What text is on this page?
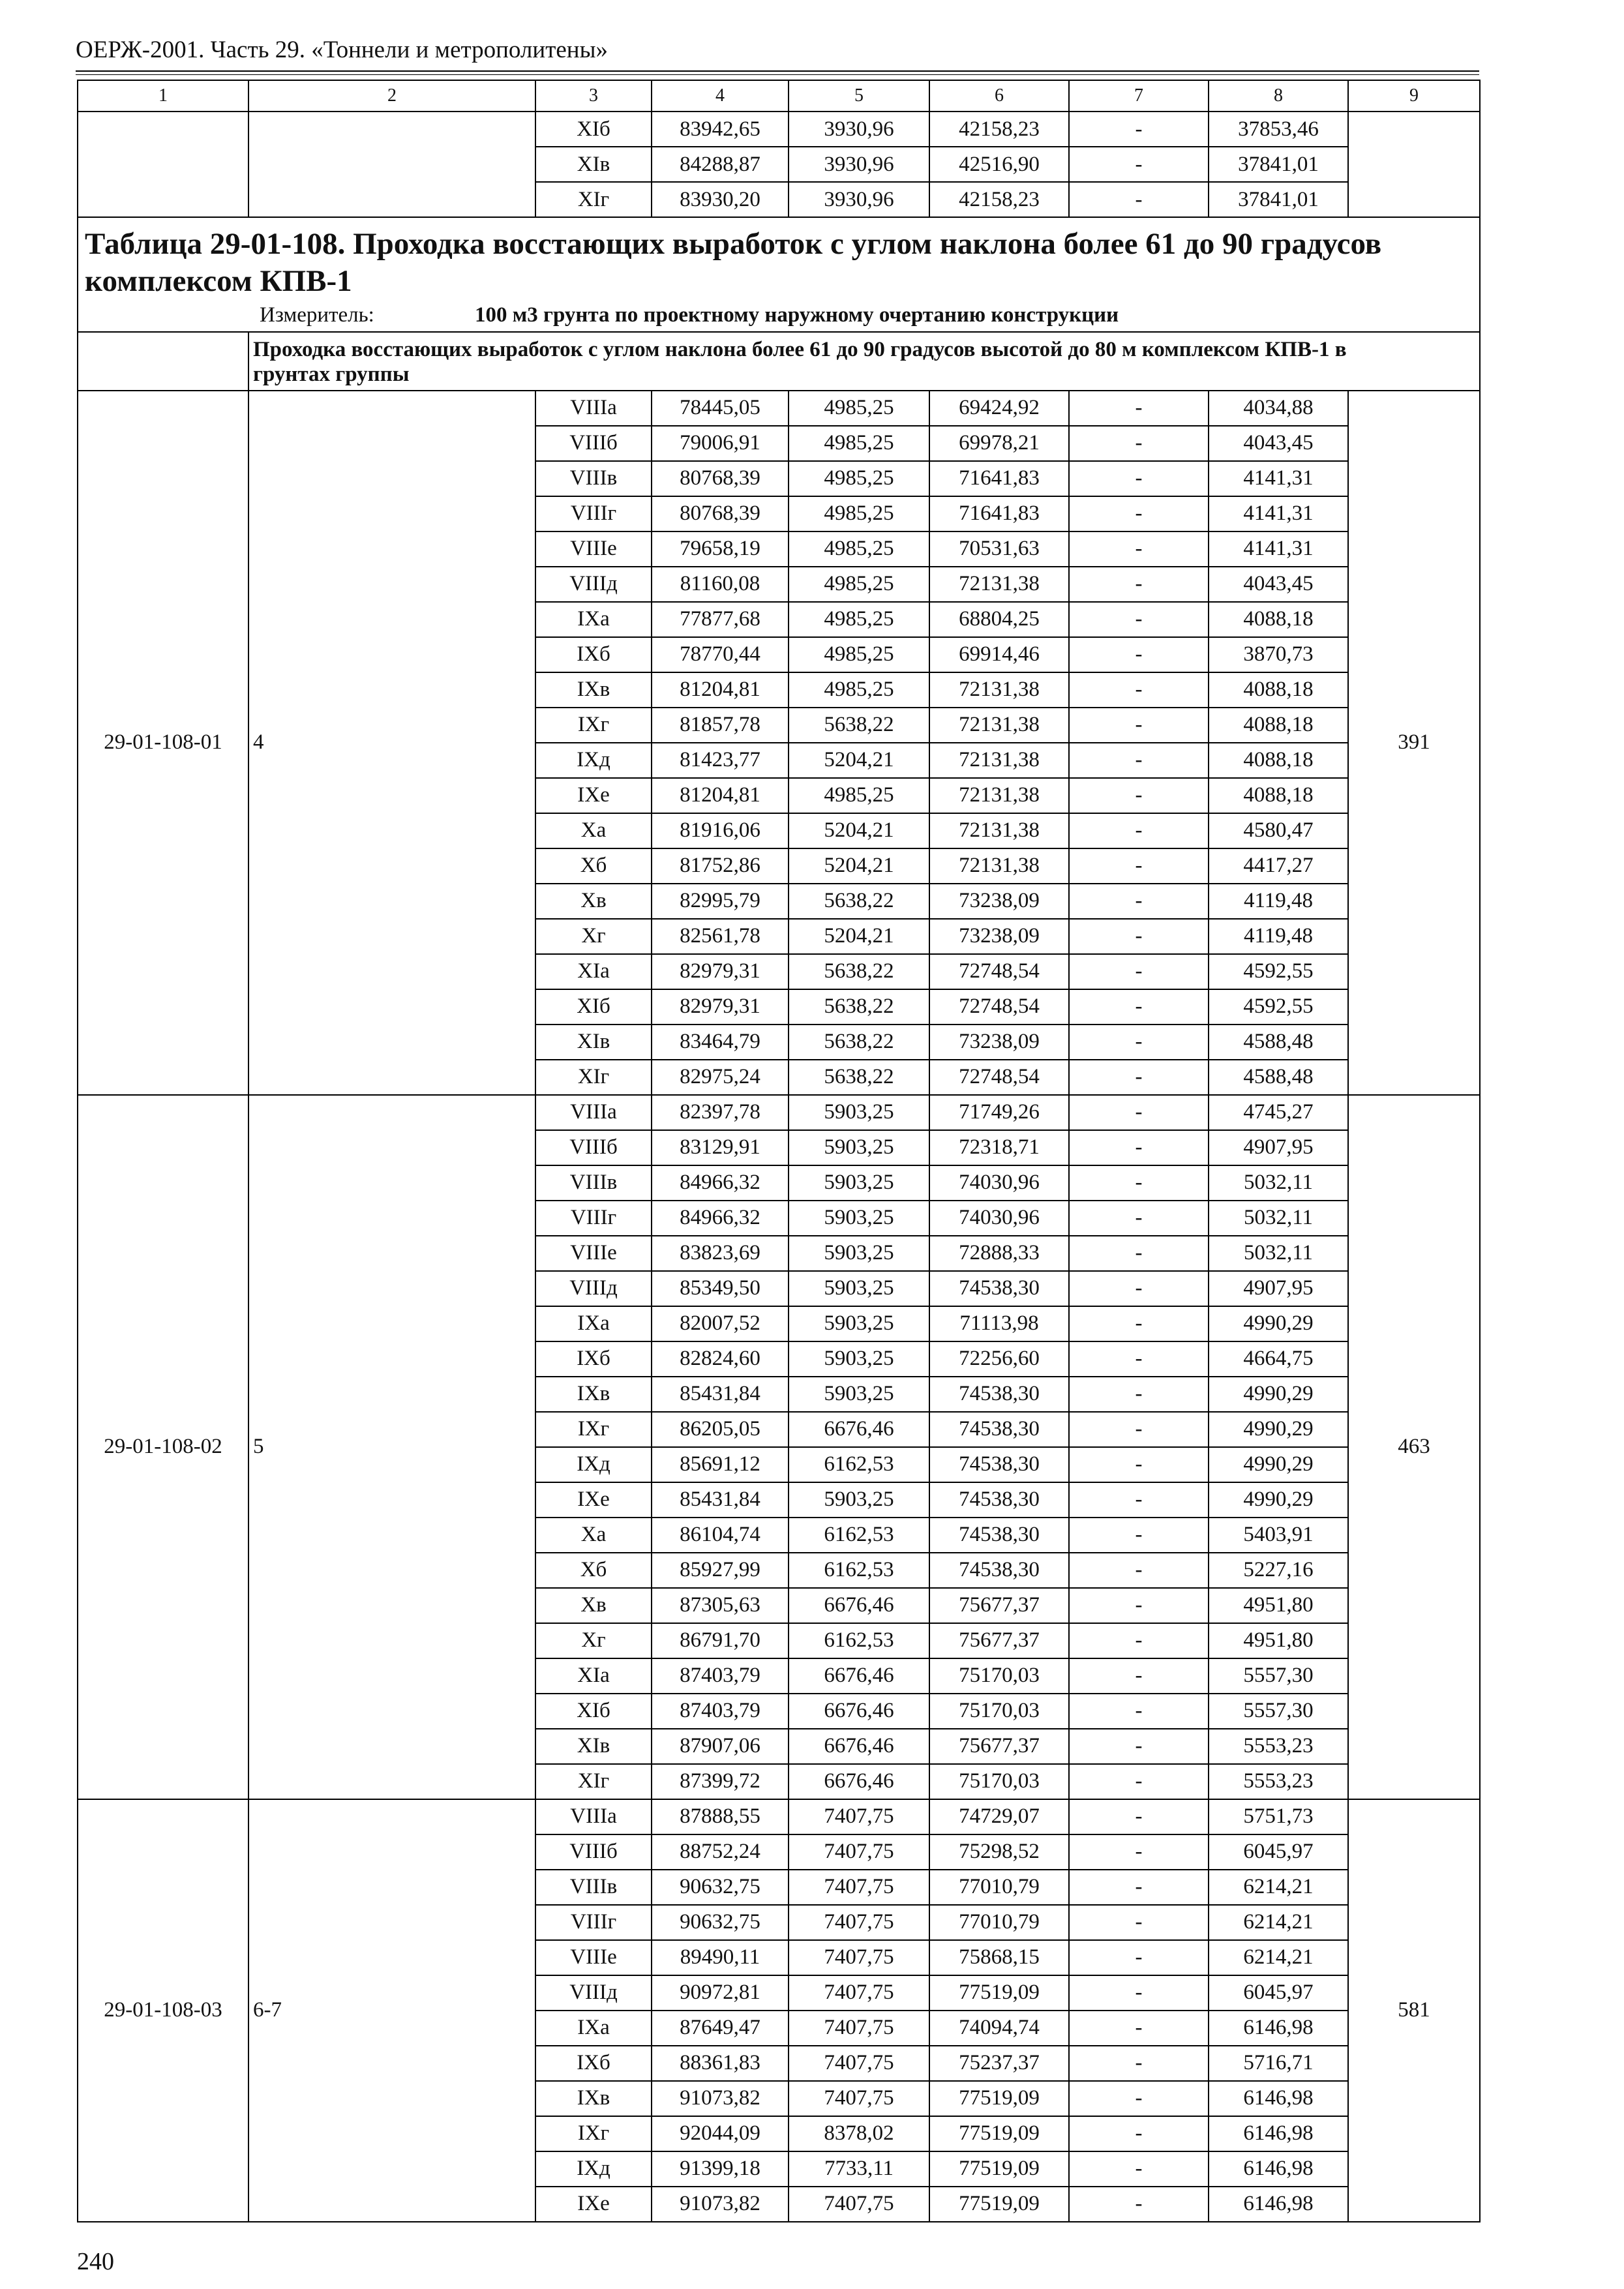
ОЕРЖ-2001. Часть 29. «Тоннели и метрополитены»
1	2	3	4	5	6	7	8	9
		XIб	83942,65	3930,96	42158,23	-	37853,46	
		XIв	84288,87	3930,96	42516,90	-	37841,01	
		XIг	83930,20	3930,96	42158,23	-	37841,01	

Таблица 29-01-108. Проходка восстающих выработок с углом наклона более 61 до 90 градусов комплексом КПВ-1
Измеритель: 100 м3 грунта по проектному наружному очертанию конструкции								

	Проходка восстающих выработок с углом наклона более 61 до 90 градусов высотой до 80 м комплексом КПВ-1 в грунтах группы							

29-01-108-01	4	VIIIа	78445,05	4985,25	69424,92	-	4034,88	391
		VIIIб	79006,91	4985,25	69978,21	-	4043,45	
		VIIIв	80768,39	4985,25	71641,83	-	4141,31	
		VIIIг	80768,39	4985,25	71641,83	-	4141,31	
		VIIIе	79658,19	4985,25	70531,63	-	4141,31	
		VIIIд	81160,08	4985,25	72131,38	-	4043,45	
		IXа	77877,68	4985,25	68804,25	-	4088,18	
		IXб	78770,44	4985,25	69914,46	-	3870,73	
		IXв	81204,81	4985,25	72131,38	-	4088,18	
		IXг	81857,78	5638,22	72131,38	-	4088,18	
		IXд	81423,77	5204,21	72131,38	-	4088,18	
		IXе	81204,81	4985,25	72131,38	-	4088,18	
		Xа	81916,06	5204,21	72131,38	-	4580,47	
		Xб	81752,86	5204,21	72131,38	-	4417,27	
		Xв	82995,79	5638,22	73238,09	-	4119,48	
		Xг	82561,78	5204,21	73238,09	-	4119,48	
		XIа	82979,31	5638,22	72748,54	-	4592,55	
		XIб	82979,31	5638,22	72748,54	-	4592,55	
		XIв	83464,79	5638,22	73238,09	-	4588,48	
		XIг	82975,24	5638,22	72748,54	-	4588,48	
29-01-108-02	5	VIIIа	82397,78	5903,25	71749,26	-	4745,27	463
		VIIIб	83129,91	5903,25	72318,71	-	4907,95	
		VIIIв	84966,32	5903,25	74030,96	-	5032,11	
		VIIIг	84966,32	5903,25	74030,96	-	5032,11	
		VIIIе	83823,69	5903,25	72888,33	-	5032,11	
		VIIIд	85349,50	5903,25	74538,30	-	4907,95	
		IXа	82007,52	5903,25	71113,98	-	4990,29	
		IXб	82824,60	5903,25	72256,60	-	4664,75	
		IXв	85431,84	5903,25	74538,30	-	4990,29	
		IXг	86205,05	6676,46	74538,30	-	4990,29	
		IXд	85691,12	6162,53	74538,30	-	4990,29	
		IXе	85431,84	5903,25	74538,30	-	4990,29	
		Xа	86104,74	6162,53	74538,30	-	5403,91	
		Xб	85927,99	6162,53	74538,30	-	5227,16	
		Xв	87305,63	6676,46	75677,37	-	4951,80	
		Xг	86791,70	6162,53	75677,37	-	4951,80	
		XIа	87403,79	6676,46	75170,03	-	5557,30	
		XIб	87403,79	6676,46	75170,03	-	5557,30	
		XIв	87907,06	6676,46	75677,37	-	5553,23	
		XIг	87399,72	6676,46	75170,03	-	5553,23	
29-01-108-03	6-7	VIIIа	87888,55	7407,75	74729,07	-	5751,73	581
		VIIIб	88752,24	7407,75	75298,52	-	6045,97	
		VIIIв	90632,75	7407,75	77010,79	-	6214,21	
		VIIIг	90632,75	7407,75	77010,79	-	6214,21	
		VIIIе	89490,11	7407,75	75868,15	-	6214,21	
		VIIIд	90972,81	7407,75	77519,09	-	6045,97	
		IXа	87649,47	7407,75	74094,74	-	6146,98	
		IXб	88361,83	7407,75	75237,37	-	5716,71	
		IXв	91073,82	7407,75	77519,09	-	6146,98	
		IXг	92044,09	8378,02	77519,09	-	6146,98	
		IXд	91399,18	7733,11	77519,09	-	6146,98	
		IXе	91073,82	7407,75	77519,09	-	6146,98	
240
